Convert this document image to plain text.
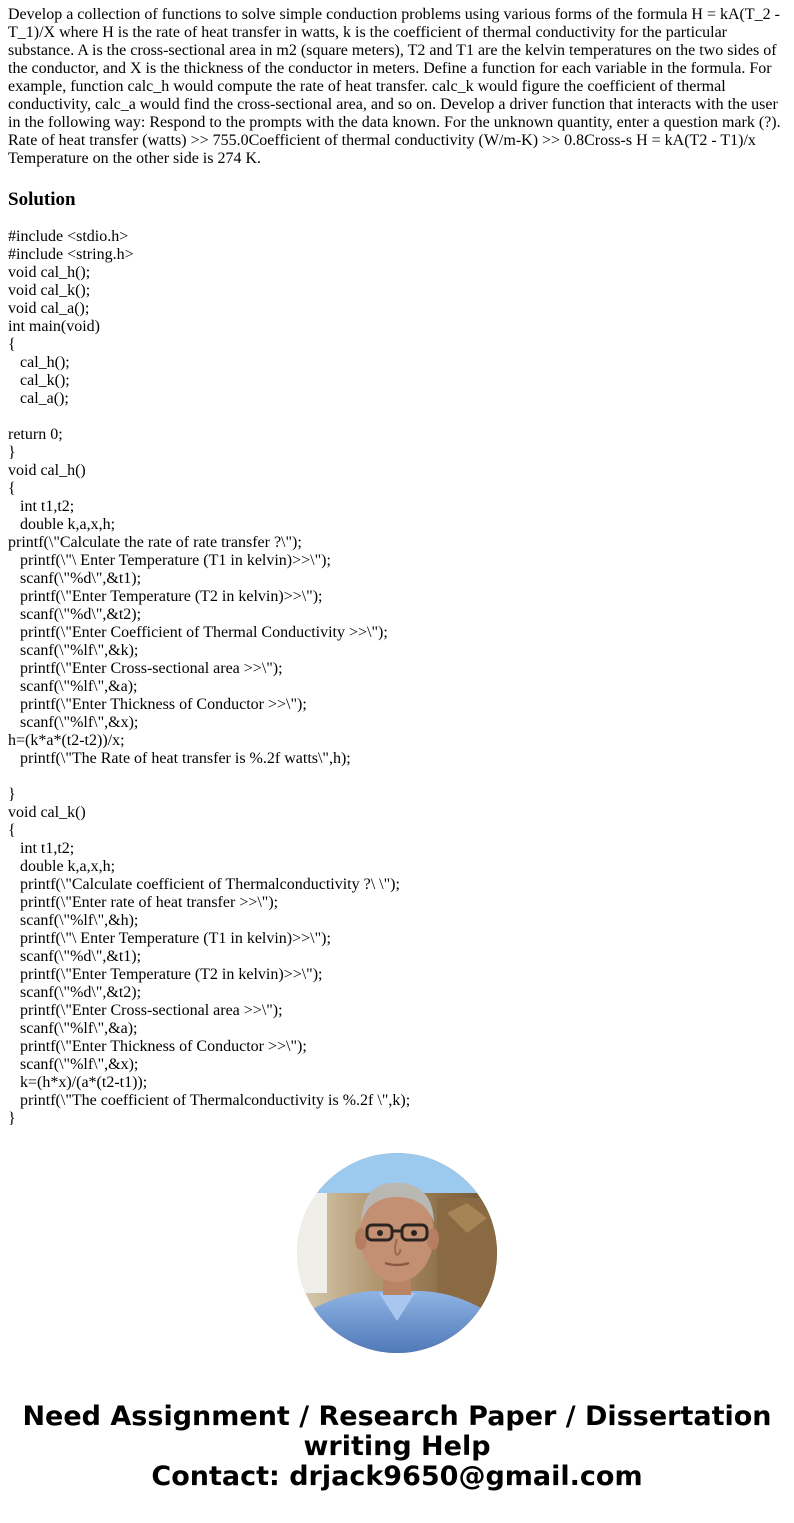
Develop a collection of functions to solve simple conduction problems using various forms of the formula H = kA(T_2 - T_1)/X where H is the rate of heat transfer in watts, k is the coefficient of thermal conductivity for the particular substance. A is the cross-sectional area in m2 (square meters), T2 and T1 are the kelvin temperatures on the two sides of the conductor, and X is the thickness of the conductor in meters. Define a function for each variable in the formula. For example, function calc_h would compute the rate of heat transfer. calc_k would figure the coefficient of thermal conductivity, calc_a would find the cross-sectional area, and so on. Develop a driver function that interacts with the user in the following way: Respond to the prompts with the data known. For the unknown quantity, enter a question mark (?). Rate of heat transfer (watts) >> 755.0Coefficient of thermal conductivity (W/m-K) >> 0.8Cross-s H = kA(T2 - T1)/x Temperature on the other side is 274 K.

Solution
#include <stdio.h>
#include <string.h>
void cal_h();
void cal_k();
void cal_a();
int main(void)
{
cal_h();
cal_k();
cal_a();
return 0;
}
void cal_h()
{
int t1,t2;
double k,a,x,h;
printf(\"Calculate the rate of rate transfer ?\");
printf(\"\ Enter Temperature (T1 in kelvin)>>\");
scanf(\"%d\",&t1);
printf(\"Enter Temperature (T2 in kelvin)>>\");
scanf(\"%d\",&t2);
printf(\"Enter Coefficient of Thermal Conductivity >>\");
scanf(\"%lf\",&k);
printf(\"Enter Cross-sectional area >>\");
scanf(\"%lf\",&a);
printf(\"Enter Thickness of Conductor >>\");
scanf(\"%lf\",&x);
h=(k*a*(t2-t2))/x;
printf(\"The Rate of heat transfer is %.2f watts\",h);
}
void cal_k()
{
int t1,t2;
double k,a,x,h;
printf(\"Calculate coefficient of Thermalconductivity ?\ \");
printf(\"Enter rate of heat transfer >>\");
scanf(\"%lf\",&h);
printf(\"\ Enter Temperature (T1 in kelvin)>>\");
scanf(\"%d\",&t1);
printf(\"Enter Temperature (T2 in kelvin)>>\");
scanf(\"%d\",&t2);
printf(\"Enter Cross-sectional area >>\");
scanf(\"%lf\",&a);
printf(\"Enter Thickness of Conductor >>\");
scanf(\"%lf\",&x);
k=(h*x)/(a*(t2-t1));
printf(\"The coefficient of Thermalconductivity is %.2f \",k);
}
Need Assignment / Research Paper / Dissertation
writing Help
Contact: drjack9650@gmail.com
